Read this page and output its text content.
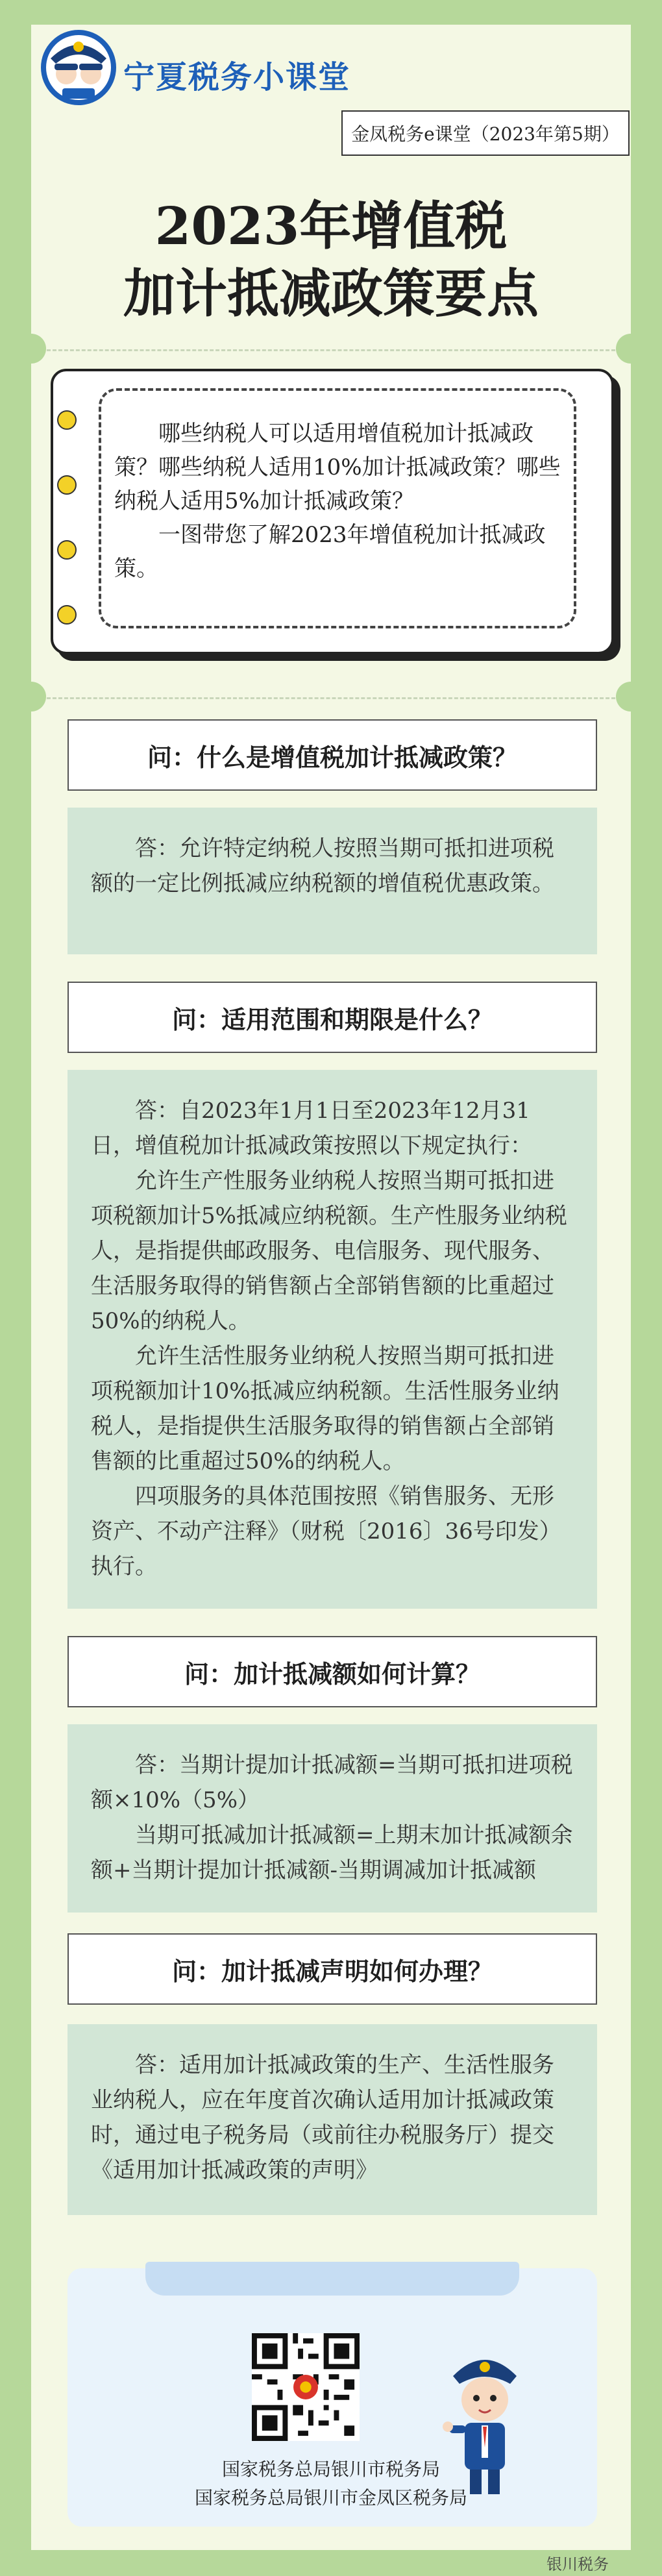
宁夏税务小课堂
金凤税务e课堂（2023年第5期）
2023年增值税
加计抵减政策要点

哪些纳税人可以适用增值税加计抵减政策？哪些纳税人适用10%加计抵减政策？哪些纳税人适用5%加计抵减政策？

一图带您了解2023年增值税加计抵减政策。

问：什么是增值税加计抵减政策？

答：允许特定纳税人按照当期可抵扣进项税额的一定比例抵减应纳税额的增值税优惠政策。

问：适用范围和期限是什么？

答：自2023年1月1日至2023年12月31日，增值税加计抵减政策按照以下规定执行：

允许生产性服务业纳税人按照当期可抵扣进项税额加计5%抵减应纳税额。生产性服务业纳税人，是指提供邮政服务、电信服务、现代服务、生活服务取得的销售额占全部销售额的比重超过50%的纳税人。

允许生活性服务业纳税人按照当期可抵扣进项税额加计10%抵减应纳税额。生活性服务业纳税人，是指提供生活服务取得的销售额占全部销售额的比重超过50%的纳税人。

四项服务的具体范围按照《销售服务、无形资产、不动产注释》（财税〔2016〕36号印发）执行。

问：加计抵减额如何计算？

答：当期计提加计抵减额=当期可抵扣进项税额×10%（5%）

当期可抵减加计抵减额=上期末加计抵减额余额+当期计提加计抵减额-当期调减加计抵减额

问：加计抵减声明如何办理？

答：适用加计抵减政策的生产、生活性服务业纳税人，应在年度首次确认适用加计抵减政策时，通过电子税务局（或前往办税服务厅）提交《适用加计抵减政策的声明》

国家税务总局银川市税务局
国家税务总局银川市金凤区税务局
银川税务
